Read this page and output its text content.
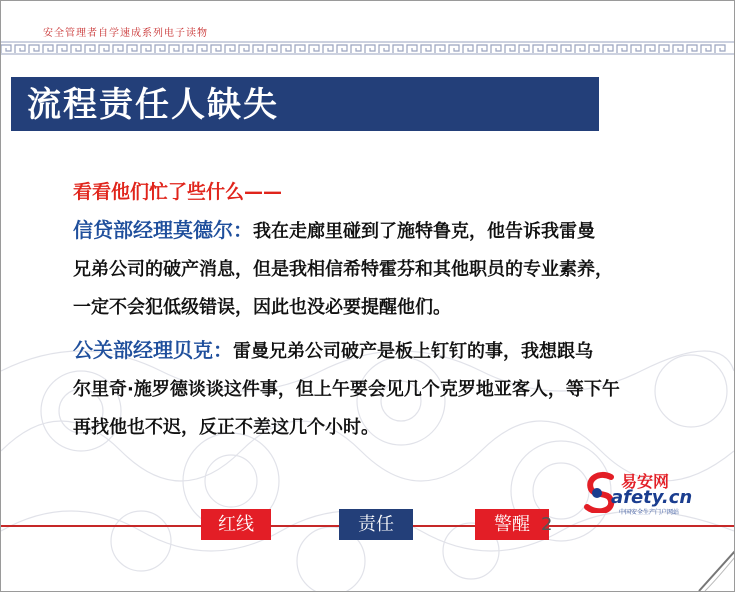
安全管理者自学速成系列电子读物
流程责任人缺失

看看他们忙了些什么——

信贷部经理莫德尔：我在走廊里碰到了施特鲁克，他告诉我雷曼

兄弟公司的破产消息，但是我相信希特霍芬和其他职员的专业素养，

一定不会犯低级错误，因此也没必要提醒他们。

公关部经理贝克：雷曼兄弟公司破产是板上钉钉的事，我想跟乌

尔里奇·施罗德谈谈这件事，但上午要会见几个克罗地亚客人，等下午

再找他也不迟，反正不差这几个小时。

易安网
afety.cn
中国安全生产门户网站
红线	责任	警醒 2
